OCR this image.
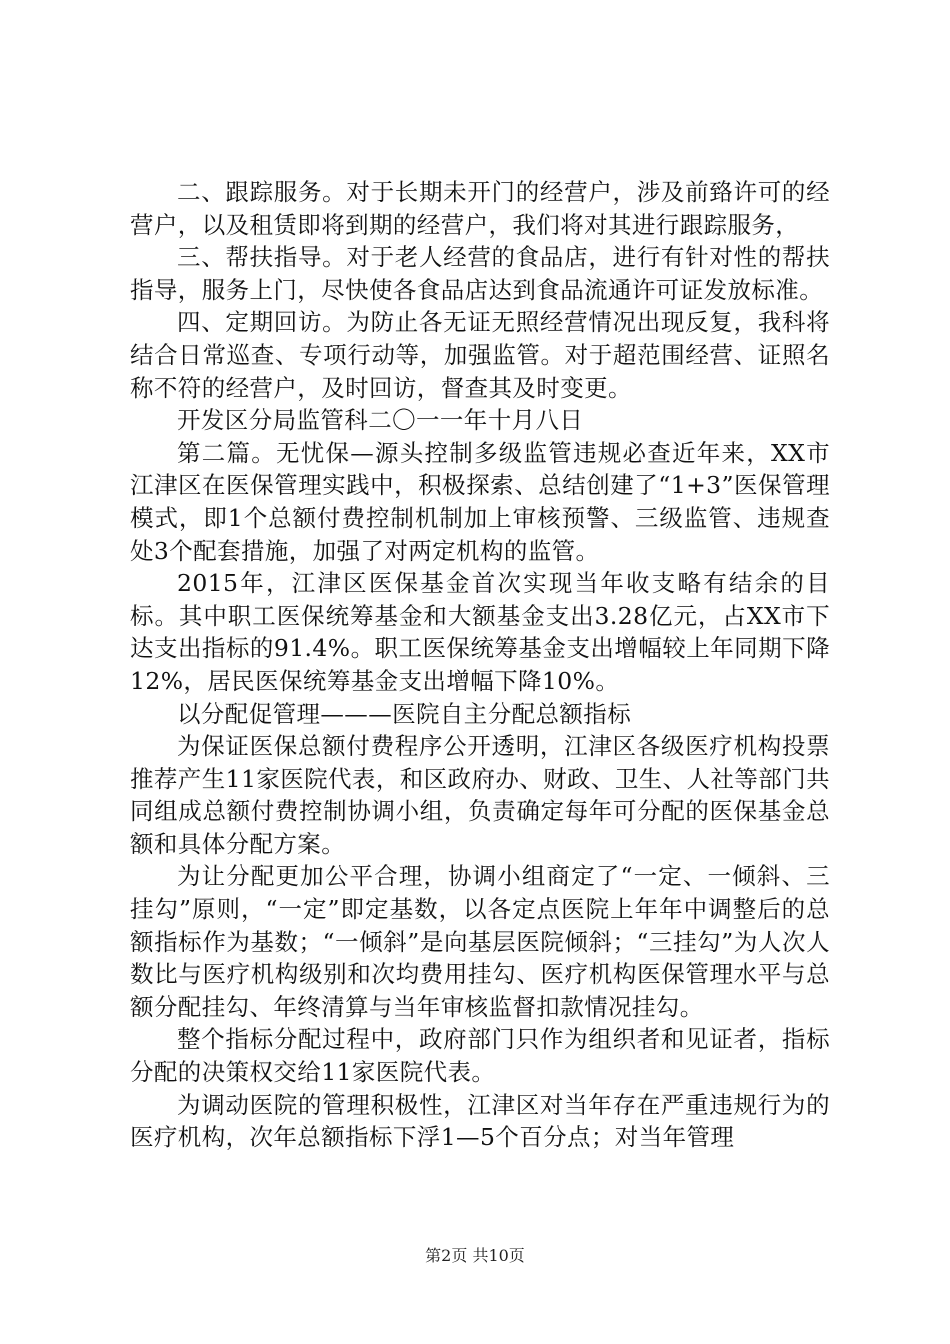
二、跟踪服务。对于长期未开门的经营户，涉及前臵许可的经营户，以及租赁即将到期的经营户，我们将对其进行跟踪服务，

三、帮扶指导。对于老人经营的食品店，进行有针对性的帮扶指导，服务上门，尽快使各食品店达到食品流通许可证发放标准。

四、定期回访。为防止各无证无照经营情况出现反复，我科将结合日常巡查、专项行动等，加强监管。对于超范围经营、证照名称不符的经营户，及时回访，督查其及时变更。

开发区分局监管科二〇一一年十月八日

第二篇。无忧保—源头控制多级监管违规必查近年来，XX市江津区在医保管理实践中，积极探索、总结创建了“1+3”医保管理模式，即1个总额付费控制机制加上审核预警、三级监管、违规查处3个配套措施，加强了对两定机构的监管。

2015年，江津区医保基金首次实现当年收支略有结余的目标。其中职工医保统筹基金和大额基金支出3.28亿元，占XX市下达支出指标的91.4%。职工医保统筹基金支出增幅较上年同期下降12%，居民医保统筹基金支出增幅下降10%。

以分配促管理———医院自主分配总额指标

为保证医保总额付费程序公开透明，江津区各级医疗机构投票推荐产生11家医院代表，和区政府办、财政、卫生、人社等部门共同组成总额付费控制协调小组，负责确定每年可分配的医保基金总额和具体分配方案。

为让分配更加公平合理，协调小组商定了“一定、一倾斜、三挂勾”原则，“一定”即定基数，以各定点医院上年年中调整后的总额指标作为基数；“一倾斜”是向基层医院倾斜；“三挂勾”为人次人数比与医疗机构级别和次均费用挂勾、医疗机构医保管理水平与总额分配挂勾、年终清算与当年审核监督扣款情况挂勾。

整个指标分配过程中，政府部门只作为组织者和见证者，指标分配的决策权交给11家医院代表。

为调动医院的管理积极性，江津区对当年存在严重违规行为的医疗机构，次年总额指标下浮1—5个百分点；对当年管理

第2页 共10页
